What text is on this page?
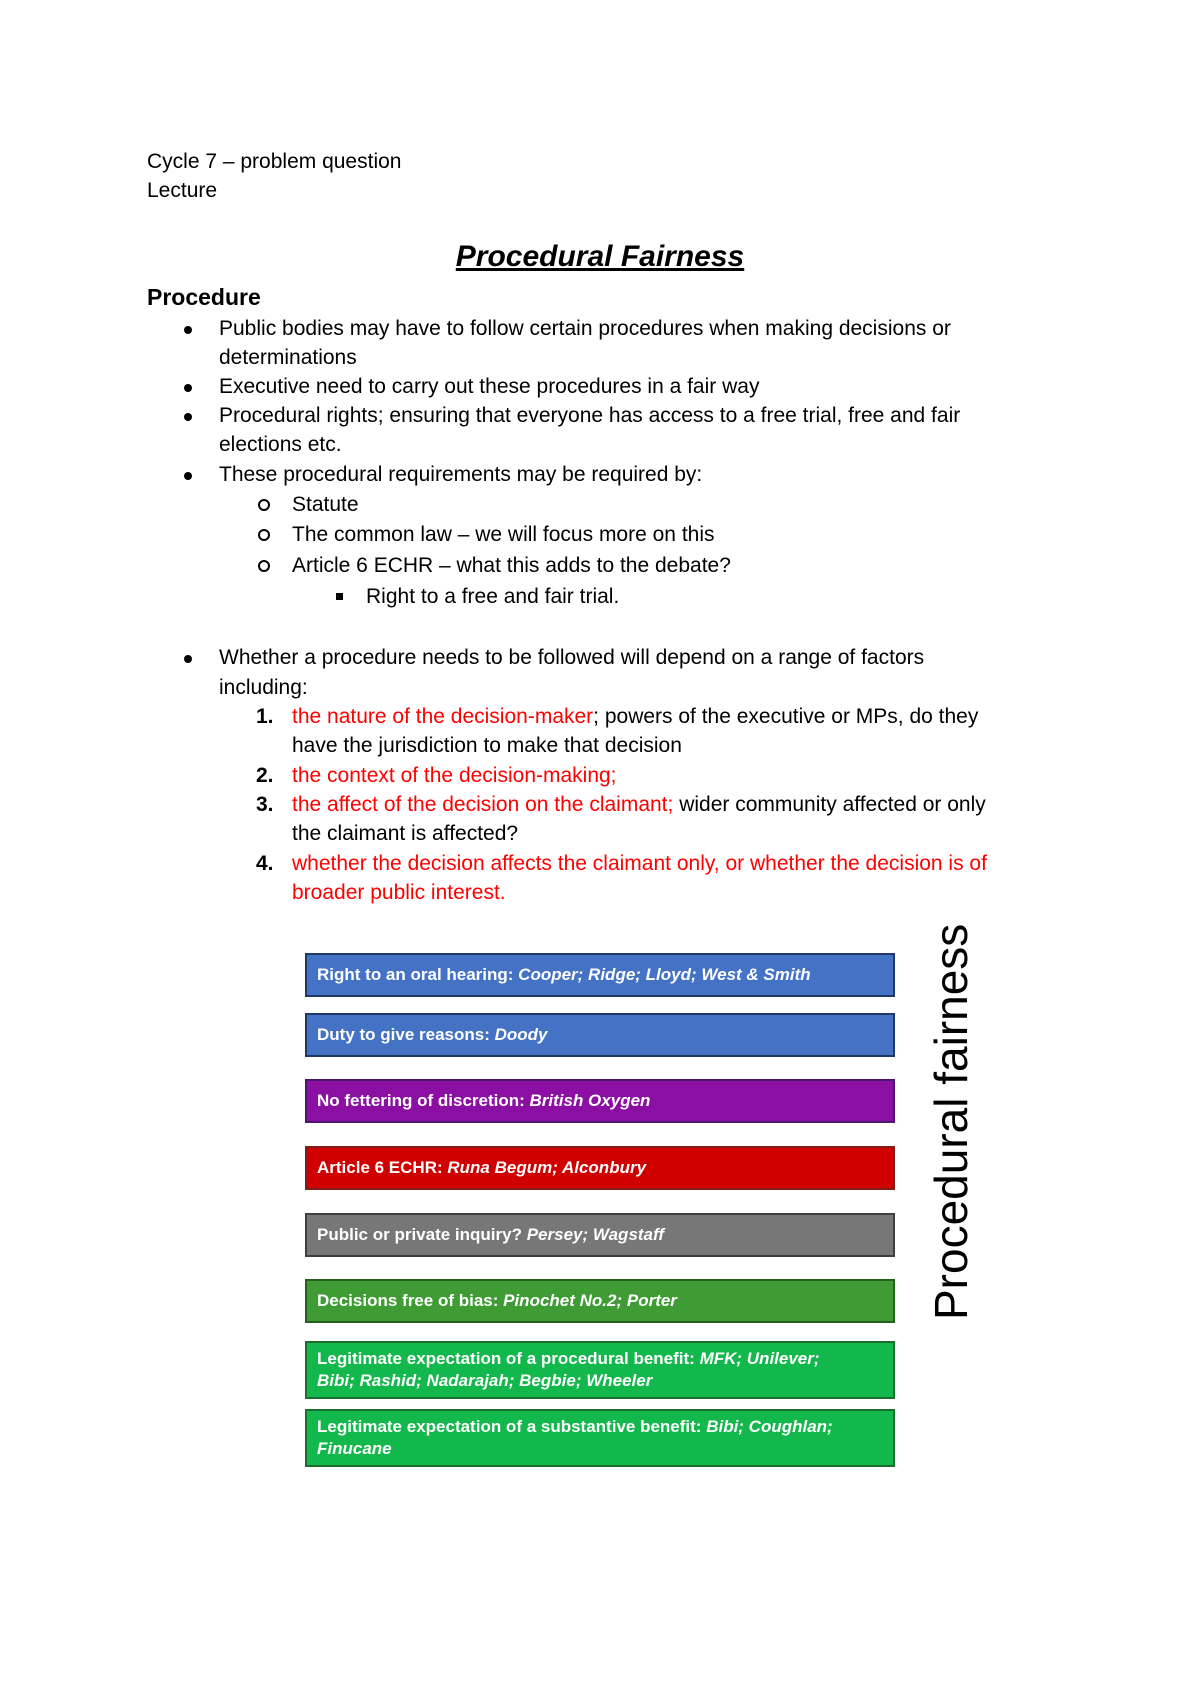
Cycle 7 – problem question
Lecture
Procedural Fairness
Procedure
Public bodies may have to follow certain procedures when making decisions or
determinations
Executive need to carry out these procedures in a fair way
Procedural rights; ensuring that everyone has access to a free trial, free and fair
elections etc.
These procedural requirements may be required by:
Statute
The common law – we will focus more on this
Article 6 ECHR – what this adds to the debate?
Right to a free and fair trial.
Whether a procedure needs to be followed will depend on a range of factors
including:
1. the nature of the decision-maker; powers of the executive or MPs, do they
have the jurisdiction to make that decision
2. the context of the decision-making;
3. the affect of the decision on the claimant; wider community affected or only
the claimant is affected?
4. whether the decision affects the claimant only, or whether the decision is of
broader public interest.
Right to an oral hearing: Cooper; Ridge; Lloyd; West & Smith
Duty to give reasons: Doody
No fettering of discretion: British Oxygen
Article 6 ECHR: Runa Begum; Alconbury
Public or private inquiry? Persey; Wagstaff
Decisions free of bias: Pinochet No.2; Porter
Legitimate expectation of a procedural benefit: MFK; Unilever;
Bibi; Rashid; Nadarajah; Begbie; Wheeler
Legitimate expectation of a substantive benefit: Bibi; Coughlan;
Finucane
Procedural fairness
